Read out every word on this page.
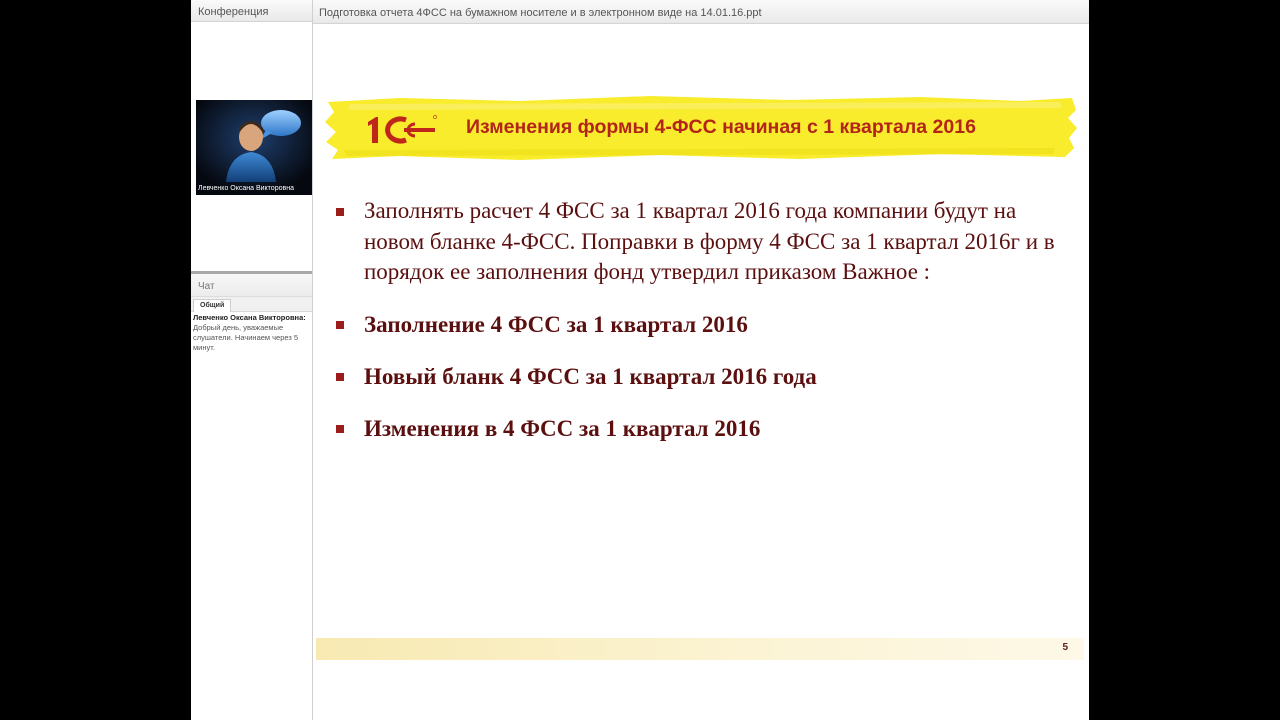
Конференция
Левченко Оксана Викторовна
Чат
Общий
Левченко Оксана Викторовна: Добрый день, уважаемые слушатели. Начинаем через 5 минут.
Подготовка отчета 4ФСС на бумажном носителе и в электронном виде на 14.01.16.ppt
Изменения формы 4-ФСС начиная с 1 квартала 2016
Заполнять расчет 4 ФСС за 1 квартал 2016 года компании будут на новом бланке 4-ФСС. Поправки в форму 4 ФСС за 1 квартал 2016г и в порядок ее заполнения фонд утвердил приказом Важное :
Заполнение 4 ФСС за 1 квартал 2016
Новый бланк 4 ФСС за 1 квартал 2016 года
Изменения в 4 ФСС за 1 квартал 2016
5
